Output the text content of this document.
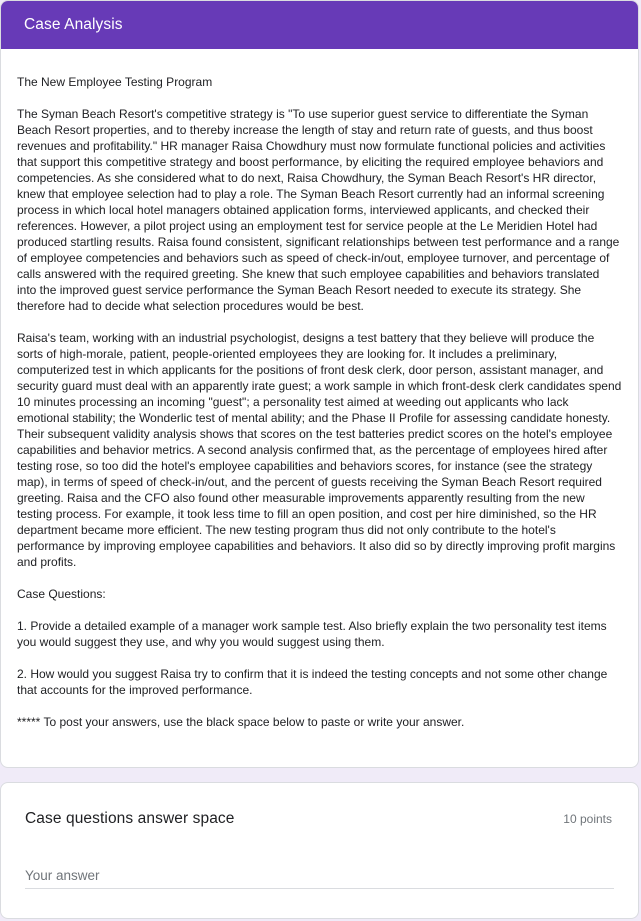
Case Analysis

The New Employee Testing Program

The Syman Beach Resort's competitive strategy is "To use superior guest service to differentiate the Syman Beach Resort properties, and to thereby increase the length of stay and return rate of guests, and thus boost revenues and profitability." HR manager Raisa Chowdhury must now formulate functional policies and activities that support this competitive strategy and boost performance, by eliciting the required employee behaviors and competencies. As she considered what to do next, Raisa Chowdhury, the Syman Beach Resort's HR director, knew that employee selection had to play a role. The Syman Beach Resort currently had an informal screening process in which local hotel managers obtained application forms, interviewed applicants, and checked their references. However, a pilot project using an employment test for service people at the Le Meridien Hotel had produced startling results. Raisa found consistent, significant relationships between test performance and a range of employee competencies and behaviors such as speed of check-in/out, employee turnover, and percentage of calls answered with the required greeting. She knew that such employee capabilities and behaviors translated into the improved guest service performance the Syman Beach Resort needed to execute its strategy. She therefore had to decide what selection procedures would be best.

Raisa's team, working with an industrial psychologist, designs a test battery that they believe will produce the sorts of high-morale, patient, people-oriented employees they are looking for. It includes a preliminary, computerized test in which applicants for the positions of front desk clerk, door person, assistant manager, and security guard must deal with an apparently irate guest; a work sample in which front-desk clerk candidates spend 10 minutes processing an incoming "guest"; a personality test aimed at weeding out applicants who lack emotional stability; the Wonderlic test of mental ability; and the Phase II Profile for assessing candidate honesty. Their subsequent validity analysis shows that scores on the test batteries predict scores on the hotel's employee capabilities and behavior metrics. A second analysis confirmed that, as the percentage of employees hired after testing rose, so too did the hotel's employee capabilities and behaviors scores, for instance (see the strategy map), in terms of speed of check-in/out, and the percent of guests receiving the Syman Beach Resort required greeting. Raisa and the CFO also found other measurable improvements apparently resulting from the new testing process. For example, it took less time to fill an open position, and cost per hire diminished, so the HR department became more efficient. The new testing program thus did not only contribute to the hotel's performance by improving employee capabilities and behaviors. It also did so by directly improving profit margins and profits.

Case Questions:

1. Provide a detailed example of a manager work sample test. Also briefly explain the two personality test items you would suggest they use, and why you would suggest using them.

2. How would you suggest Raisa try to confirm that it is indeed the testing concepts and not some other change that accounts for the improved performance.

***** To post your answers, use the black space below to paste or write your answer.

Case questions answer space	10 points
Your answer
